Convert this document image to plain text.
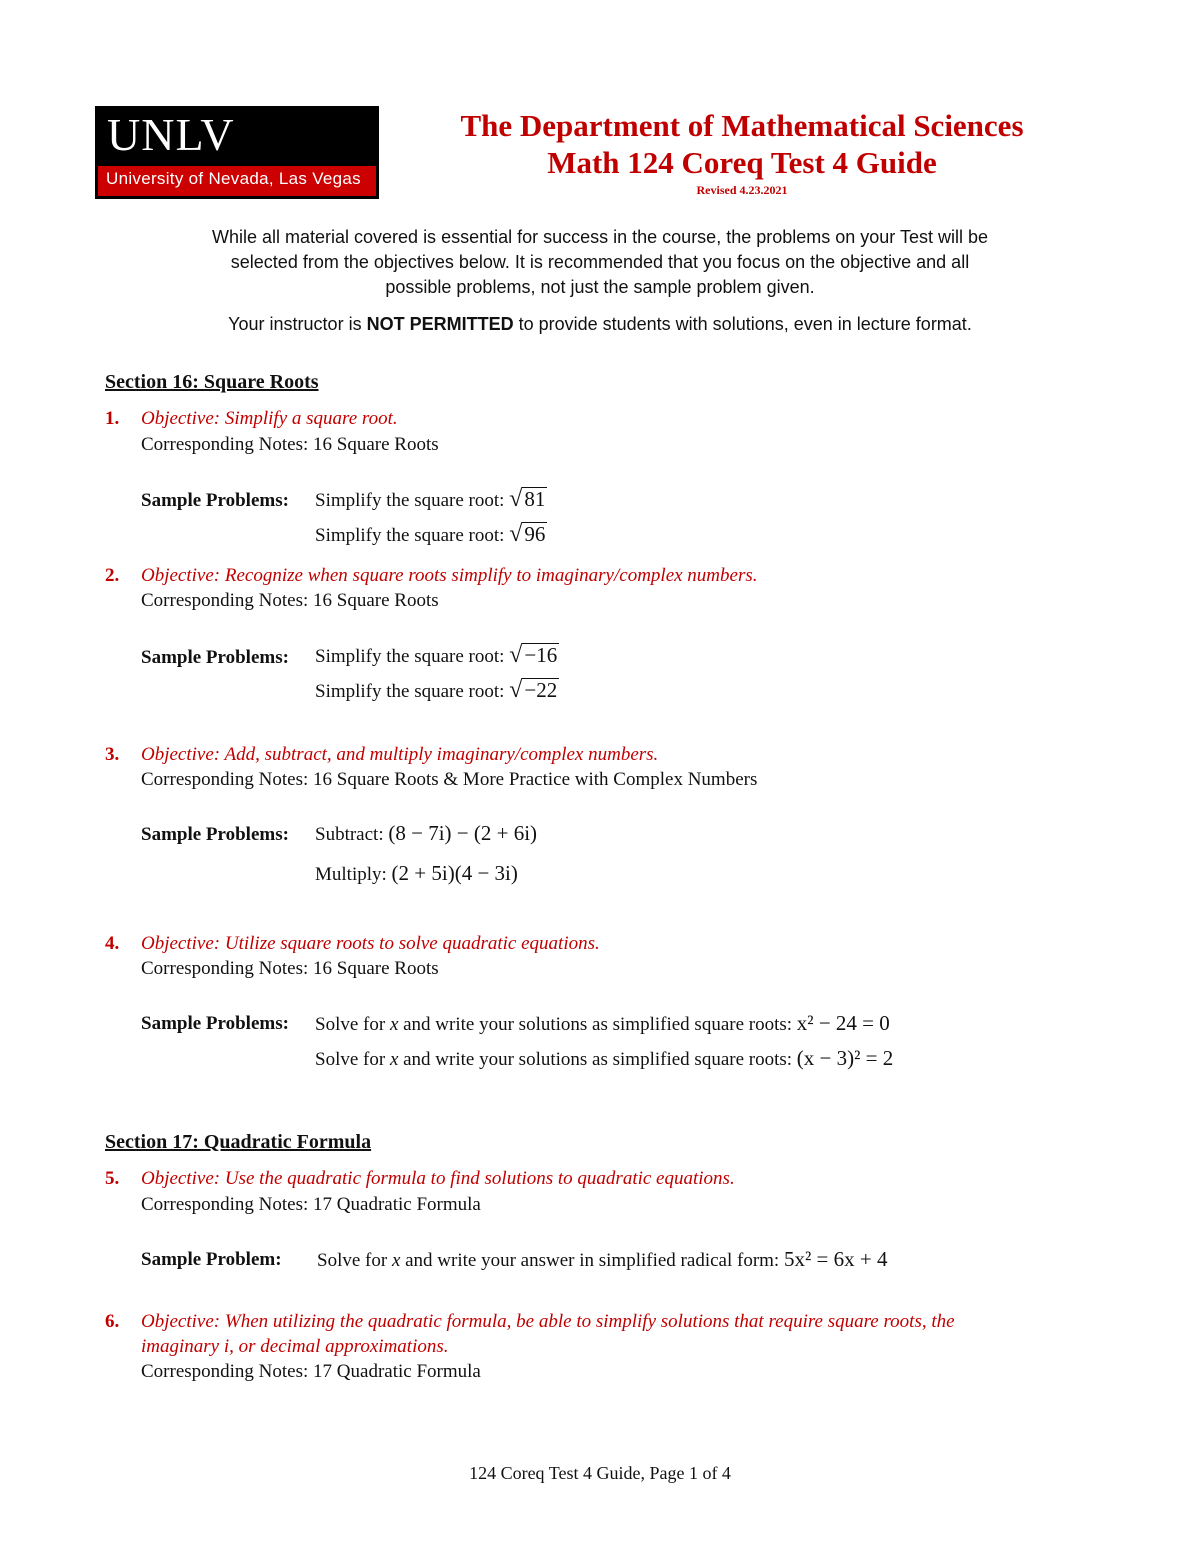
UNLV
University of Nevada, Las Vegas
The Department of Mathematical Sciences
Math 124 Coreq Test 4 Guide
Revised 4.23.2021
While all material covered is essential for success in the course, the problems on your Test will be
selected from the objectives below. It is recommended that you focus on the objective and all
possible problems, not just the sample problem given.
Your instructor is NOT PERMITTED to provide students with solutions, even in lecture format.
Section 16: Square Roots
1. Objective: Simplify a square root.
Corresponding Notes: 16 Square Roots
Sample Problems: Simplify the square root: √81
Simplify the square root: √96
2. Objective: Recognize when square roots simplify to imaginary/complex numbers.
Corresponding Notes: 16 Square Roots
Sample Problems: Simplify the square root: √−16
Simplify the square root: √−22
3. Objective: Add, subtract, and multiply imaginary/complex numbers.
Corresponding Notes: 16 Square Roots & More Practice with Complex Numbers
Sample Problems: Subtract: (8 − 7i) − (2 + 6i)
Multiply: (2 + 5i)(4 − 3i)
4. Objective: Utilize square roots to solve quadratic equations.
Corresponding Notes: 16 Square Roots
Sample Problems: Solve for x and write your solutions as simplified square roots: x² − 24 = 0
Solve for x and write your solutions as simplified square roots: (x − 3)² = 2
Section 17: Quadratic Formula
5. Objective: Use the quadratic formula to find solutions to quadratic equations.
Corresponding Notes: 17 Quadratic Formula
Sample Problem: Solve for x and write your answer in simplified radical form: 5x² = 6x + 4
6. Objective: When utilizing the quadratic formula, be able to simplify solutions that require square roots, the
imaginary i, or decimal approximations.
Corresponding Notes: 17 Quadratic Formula
124 Coreq Test 4 Guide, Page 1 of 4
